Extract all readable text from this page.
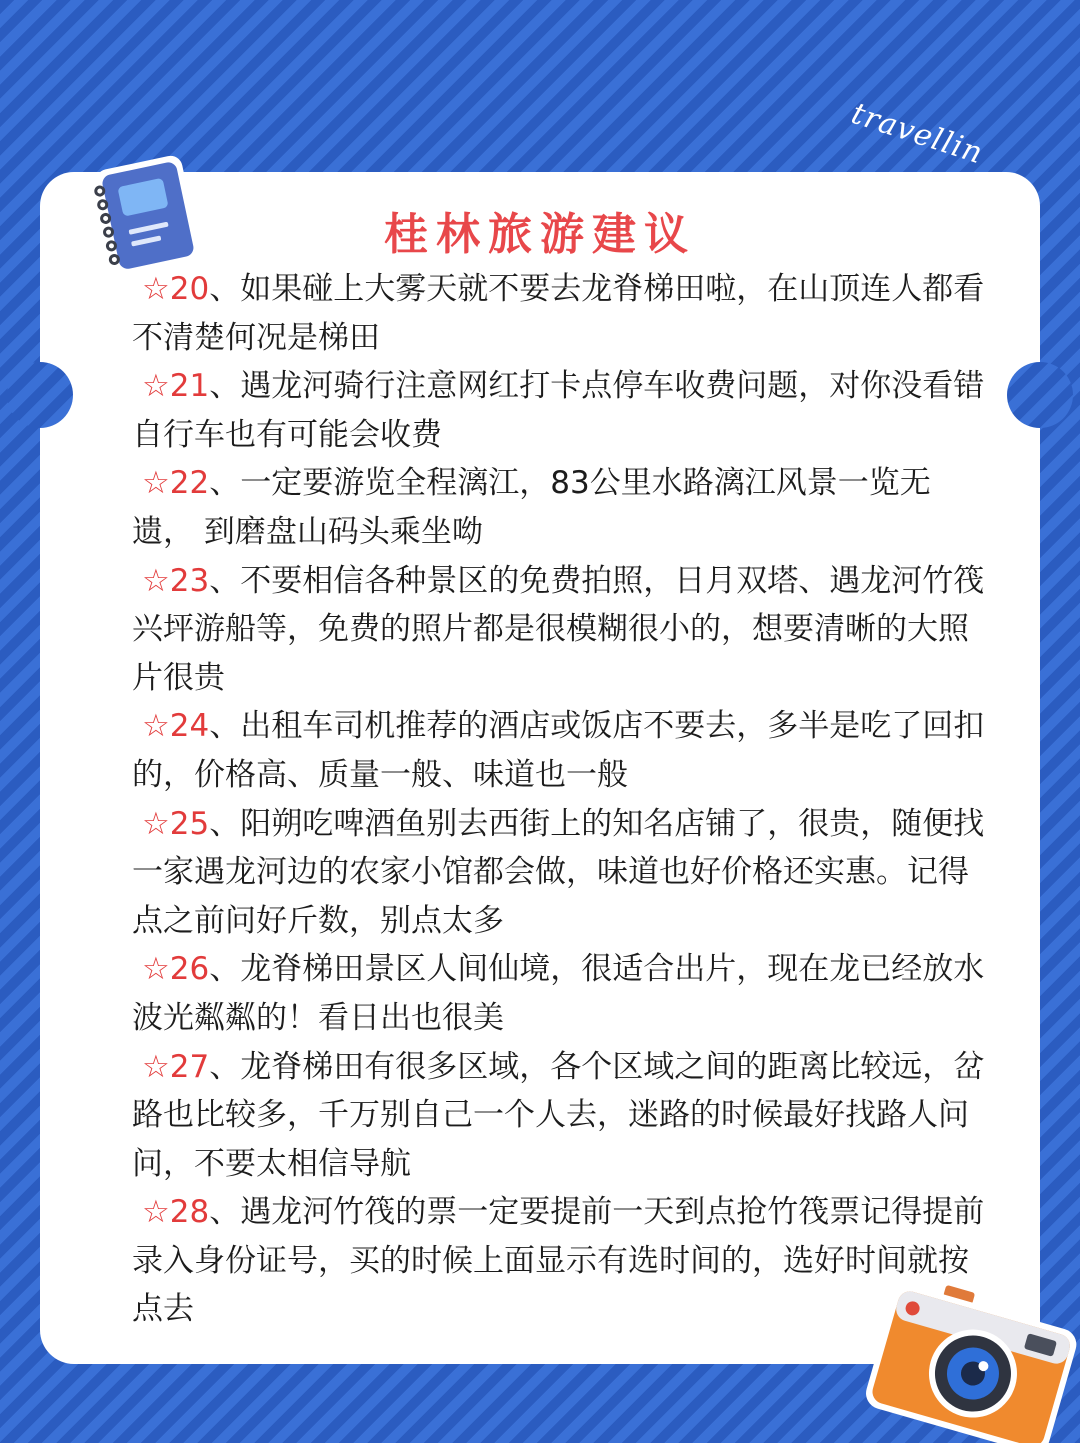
travellin
桂林旅游建议

☆20、如果碰上大雾天就不要去龙脊梯田啦，在山顶连人都看 不清楚何况是梯田

☆21、遇龙河骑行注意网红打卡点停车收费问题，对你没看错 自行车也有可能会收费

☆22、一定要游览全程漓江，83公里水路漓江风景一览无遗， 到磨盘山码头乘坐呦

☆23、不要相信各种景区的免费拍照，日月双塔、遇龙河竹筏 兴坪游船等，免费的照片都是很模糊很小的，想要清晰的大照 片很贵

☆24、出租车司机推荐的酒店或饭店不要去，多半是吃了回扣 的，价格高、质量一般、味道也一般

☆25、阳朔吃啤酒鱼别去西街上的知名店铺了，很贵，随便找 一家遇龙河边的农家小馆都会做，味道也好价格还实惠。记得 点之前问好斤数，别点太多

☆26、龙脊梯田景区人间仙境，很适合出片，现在龙已经放水 波光粼粼的！看日出也很美

☆27、龙脊梯田有很多区域，各个区域之间的距离比较远，岔 路也比较多，千万别自己一个人去，迷路的时候最好找路人问 问，不要太相信导航

☆28、遇龙河竹筏的票一定要提前一天到点抢竹筏票记得提前 录入身份证号，买的时候上面显示有选时间的，选好时间就按 点去
